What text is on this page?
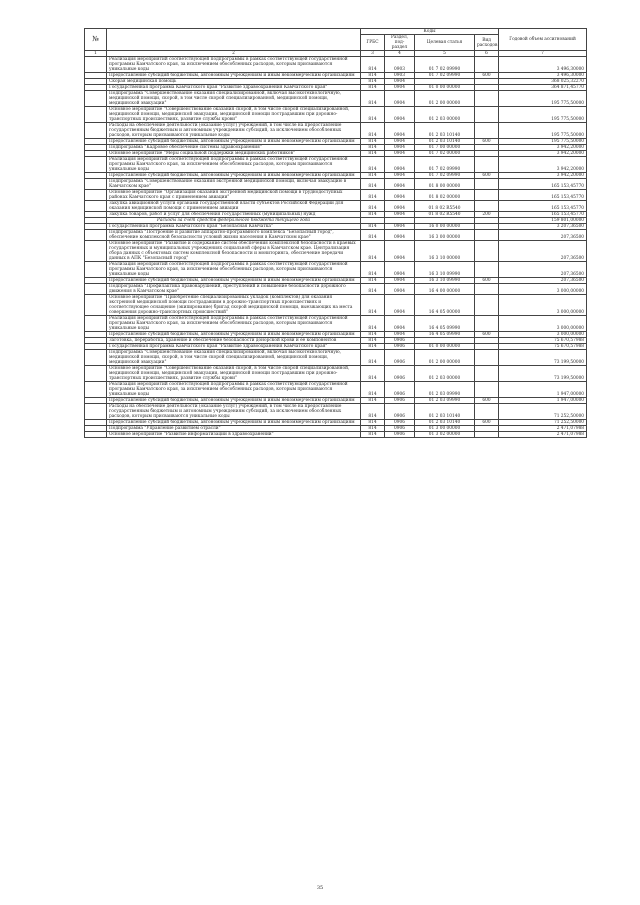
№		Коды				Годовой объем ассигнований
		ГРБС	Раздел, под-раздел	Целевая статья	Вид расходов	
1	2	3	4	5	6	7
	Реализация мероприятий соответствующей подпрограммы в рамках соответствующей государственной программы Камчатского края, за исключением обособленных расходов, которым присваиваются уникальные коды	814	0903	01 7 02 09990		3 496,30000
	Предоставление субсидий бюджетным, автономным учреждениям и иным некоммерческим организациям	814	0903	01 7 02 09990	600	3 496,30000
	Скорая медицинская помощь	814	0904			368 025,32270
	Государственная программа Камчатского края "Развитие здравоохранения Камчатского края"	814	0904	01 0 00 00000		364 871,45770
	Подпрограмма "Совершенствование оказания специализированной, включая высокотехнологичную, медицинской помощи, скорой, в том числе скорой специализированной, медицинской помощи, медицинской эвакуации"	814	0904	01 2 00 00000		195 775,50000
	Основное мероприятие "Совершенствование оказания скорой, в том числе скорой специализированной, медицинской помощи, медицинской эвакуации, медицинской помощи пострадавшим при дорожно-транспортных происшествиях, развитие службы крови"	814	0904	01 2 03 00000		195 775,50000
	Расходы на обеспечение деятельности (оказание услуг) учреждений, в том числе на предоставление государственным бюджетным и автономным учреждениям субсидий, за исключением обособленных расходов, которым присваиваются уникальные коды	814	0904	01 2 03 10140		195 775,50000
	Предоставление субсидий бюджетным, автономным учреждениям и иным некоммерческим организациям	814	0904	01 2 03 10140	600	195 775,50000
	Подпрограмма "Кадровое обеспечение системы здравоохранения"	814	0904	01 7 00 00000		3 942,20000
	Основное мероприятие "Меры социальной поддержки медицинских работников"	814	0904	01 7 02 00000		3 942,20000
	Реализация мероприятий соответствующей подпрограммы в рамках соответствующей государственной программы Камчатского края, за исключением обособленных расходов, которым присваиваются уникальные коды	814	0904	01 7 02 09990		3 942,20000
	Предоставление субсидий бюджетным, автономным учреждениям и иным некоммерческим организациям	814	0904	01 7 02 09990	600	3 942,20000
	Подпрограмма "Совершенствование оказания экстренной медицинской помощи, включая эвакуацию в Камчатском крае"	814	0904	01 8 00 00000		165 153,45770
	Основное мероприятие "Организация оказания экстренной медицинской помощи в труднодоступных районах Камчатского края с применением авиации"	814	0904	01 8 02 00000		165 153,45770
	Закупка авиационной услуги органами государственной власти субъектов Российской Федерации для оказания медицинской помощи с применением авиации	814	0904	01 8 02 R5540		165 153,45770
	Закупка товаров, работ и услуг для обеспечения государственных (муниципальных) нужд	814	0904	01 8 02 R5540	200	165 153,45770
	Расходы за счет средств федерального бюджета текущего года					159 801,00000
	Государственная программа Камчатского края "Безопасная Камчатка"	814	0904	16 0 00 00000		3 207,36500
	Подпрограмма "Построение и развитие аппаратно-программного комплекса "Безопасный город", обеспечение комплексной безопасности условий жизни населения в Камчатском крае"	814	0904	16 3 00 00000		207,36500
	Основное мероприятие "Развитие и содержание систем обеспечения комплексной безопасности в краевых государственных и муниципальных учреждениях социальной сферы в Камчатском крае. Централизация сбора данных с объектовых систем комплексной безопасности и мониторинга, обеспечение передачи данных в АПК "Безопасный город"	814	0904	16 3 10 00000		207,36500
	Реализация мероприятий соответствующей подпрограммы в рамках соответствующей государственной программы Камчатского края, за исключением обособленных расходов, которым присваиваются уникальные коды	814	0904	16 3 10 09990		207,36500
	Предоставление субсидий бюджетным, автономным учреждениям и иным некоммерческим организациям	814	0904	16 3 10 09990	600	207,36500
	Подпрограмма "Профилактика правонарушений, преступлений и повышение безопасности дорожного движения в Камчатском крае"	814	0904	16 4 00 00000		3 000,00000
	Основное мероприятие "Приобретение специализированных укладок (комплектов) для оказания экстренной медицинской помощи пострадавшим в дорожно-транспортных происшествиях и соответствующее оснащение (экипирование) бригад скорой медицинской помощи, выезжающих на места совершения дорожно-транспортных происшествий"	814	0904	16 4 05 00000		3 000,00000
	Реализация мероприятий соответствующей подпрограммы в рамках соответствующей государственной программы Камчатского края, за исключением обособленных расходов, которым присваиваются уникальные коды	814	0904	16 4 05 09990		3 000,00000
	Предоставление субсидий бюджетным, автономным учреждениям и иным некоммерческим организациям	814	0904	16 4 05 09990	600	3 000,00000
	Заготовка, переработка, хранение и обеспечение безопасности донорской крови и ее компонентов	814	0906			75 670,57988
	Государственная программа Камчатского края "Развитие здравоохранения Камчатского края"	814	0906	01 0 00 00000		75 670,57988
	Подпрограмма "Совершенствование оказания специализированной, включая высокотехнологичную, медицинской помощи, скорой, в том числе скорой специализированной, медицинской помощи, медицинской эвакуации"	814	0906	01 2 00 00000		73 199,50000
	Основное мероприятие "Совершенствование оказания скорой, в том числе скорой специализированной, медицинской помощи, медицинской эвакуации, медицинской помощи пострадавшим при дорожно-транспортных происшествиях, развитие службы крови"	814	0906	01 2 03 00000		73 199,50000
	Реализация мероприятий соответствующей подпрограммы в рамках соответствующей государственной программы Камчатского края, за исключением обособленных расходов, которым присваиваются уникальные коды	814	0906	01 2 03 09990		1 947,00000
	Предоставление субсидий бюджетным, автономным учреждениям и иным некоммерческим организациям	814	0906	01 2 03 09990	600	1 947,00000
	Расходы на обеспечение деятельности (оказание услуг) учреждений, в том числе на предоставление государственным бюджетным и автономным учреждениям субсидий, за исключением обособленных расходов, которым присваиваются уникальные коды	814	0906	01 2 03 10140		71 252,50000
	Предоставление субсидий бюджетным, автономным учреждениям и иным некоммерческим организациям	814	0906	01 2 03 10140	600	71 252,50000
	Подпрограмма "Управление развитием отрасли"	814	0906	01 3 00 00000		2 471,07988
	Основное мероприятие "Развитие информатизации в здравоохранении"	814	0906	01 3 02 00000		2 471,07988
35
